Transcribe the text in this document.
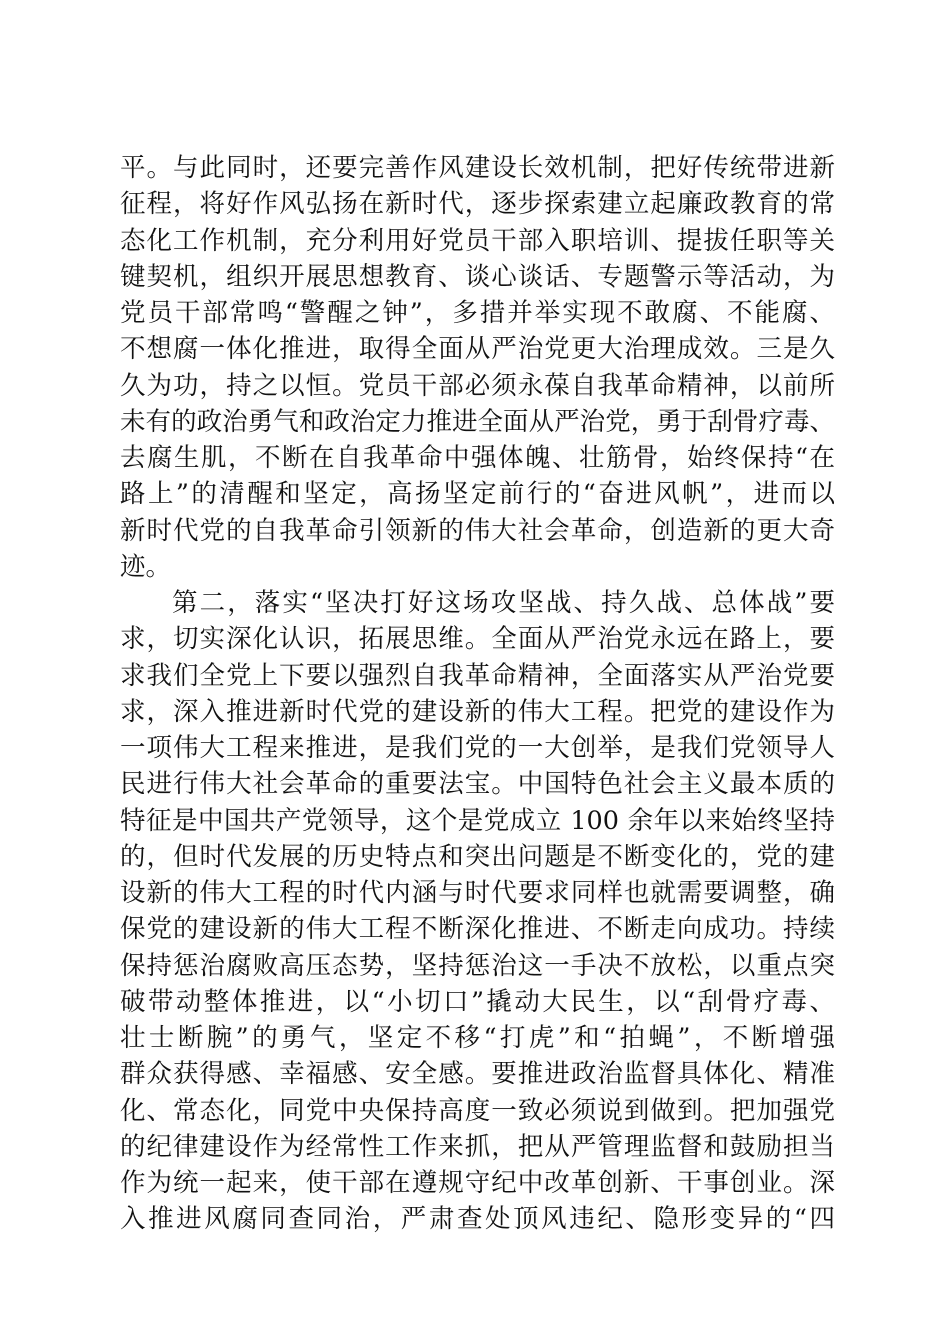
平。与此同时，还要完善作风建设长效机制，把好传统带进新
征程，将好作风弘扬在新时代，逐步探索建立起廉政教育的常
态化工作机制，充分利用好党员干部入职培训、提拔任职等关
键契机，组织开展思想教育、谈心谈话、专题警示等活动，为
党员干部常鸣“警醒之钟”，多措并举实现不敢腐、不能腐、
不想腐一体化推进，取得全面从严治党更大治理成效。三是久
久为功，持之以恒。党员干部必须永葆自我革命精神，以前所
未有的政治勇气和政治定力推进全面从严治党，勇于刮骨疗毒、
去腐生肌，不断在自我革命中强体魄、壮筋骨，始终保持“在
路上”的清醒和坚定，高扬坚定前行的“奋进风帆”，进而以
新时代党的自我革命引领新的伟大社会革命，创造新的更大奇
迹。
第二，落实“坚决打好这场攻坚战、持久战、总体战”要
求，切实深化认识，拓展思维。全面从严治党永远在路上，要
求我们全党上下要以强烈自我革命精神，全面落实从严治党要
求，深入推进新时代党的建设新的伟大工程。把党的建设作为
一项伟大工程来推进，是我们党的一大创举，是我们党领导人
民进行伟大社会革命的重要法宝。中国特色社会主义最本质的
特征是中国共产党领导，这个是党成立 100 余年以来始终坚持
的，但时代发展的历史特点和突出问题是不断变化的，党的建
设新的伟大工程的时代内涵与时代要求同样也就需要调整，确
保党的建设新的伟大工程不断深化推进、不断走向成功。持续
保持惩治腐败高压态势，坚持惩治这一手决不放松，以重点突
破带动整体推进，以“小切口”撬动大民生，以“刮骨疗毒、
壮士断腕”的勇气，坚定不移“打虎”和“拍蝇”，不断增强
群众获得感、幸福感、安全感。要推进政治监督具体化、精准
化、常态化，同党中央保持高度一致必须说到做到。把加强党
的纪律建设作为经常性工作来抓，把从严管理监督和鼓励担当
作为统一起来，使干部在遵规守纪中改革创新、干事创业。深
入推进风腐同查同治，严肃查处顶风违纪、隐形变异的“四
